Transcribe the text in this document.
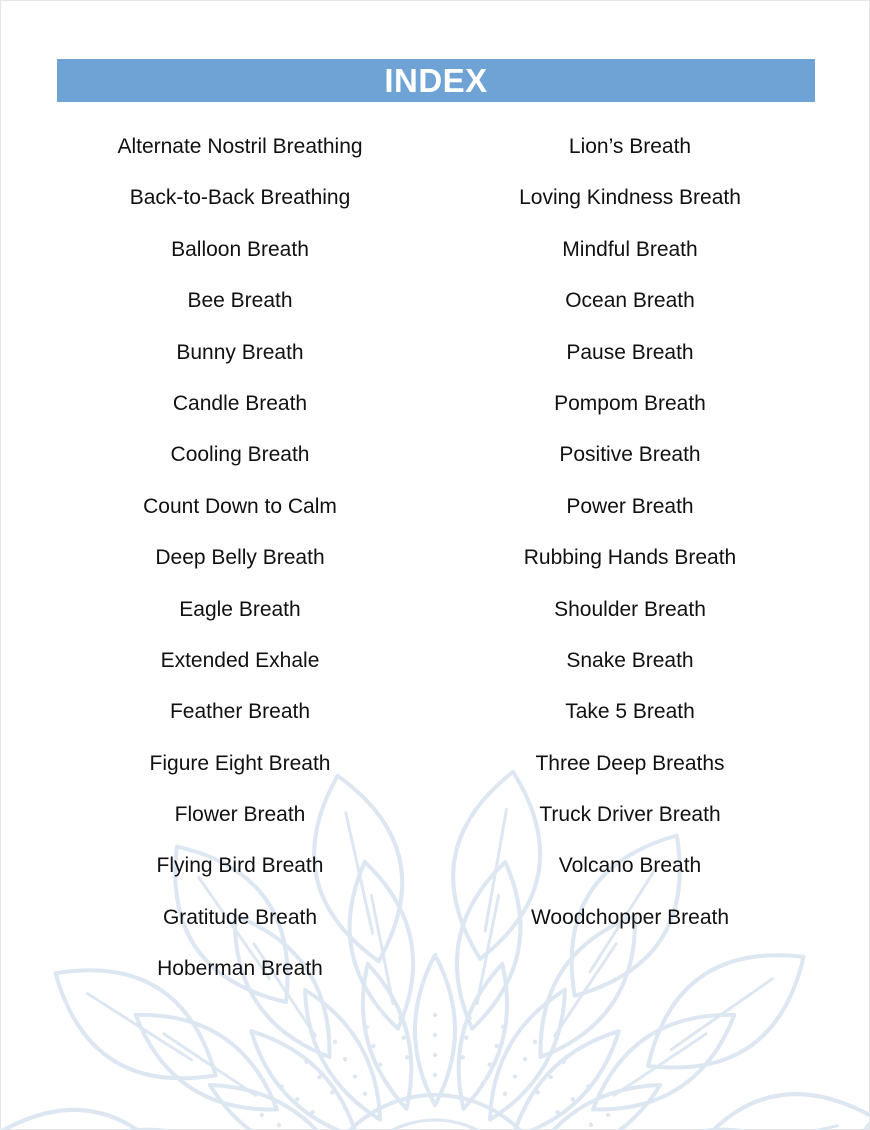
INDEX
Alternate Nostril Breathing
Back-to-Back Breathing
Balloon Breath
Bee Breath
Bunny Breath
Candle Breath
Cooling Breath
Count Down to Calm
Deep Belly Breath
Eagle Breath
Extended Exhale
Feather Breath
Figure Eight Breath
Flower Breath
Flying Bird Breath
Gratitude Breath
Hoberman Breath
Lion’s Breath
Loving Kindness Breath
Mindful Breath
Ocean Breath
Pause Breath
Pompom Breath
Positive Breath
Power Breath
Rubbing Hands Breath
Shoulder Breath
Snake Breath
Take 5 Breath
Three Deep Breaths
Truck Driver Breath
Volcano Breath
Woodchopper Breath
